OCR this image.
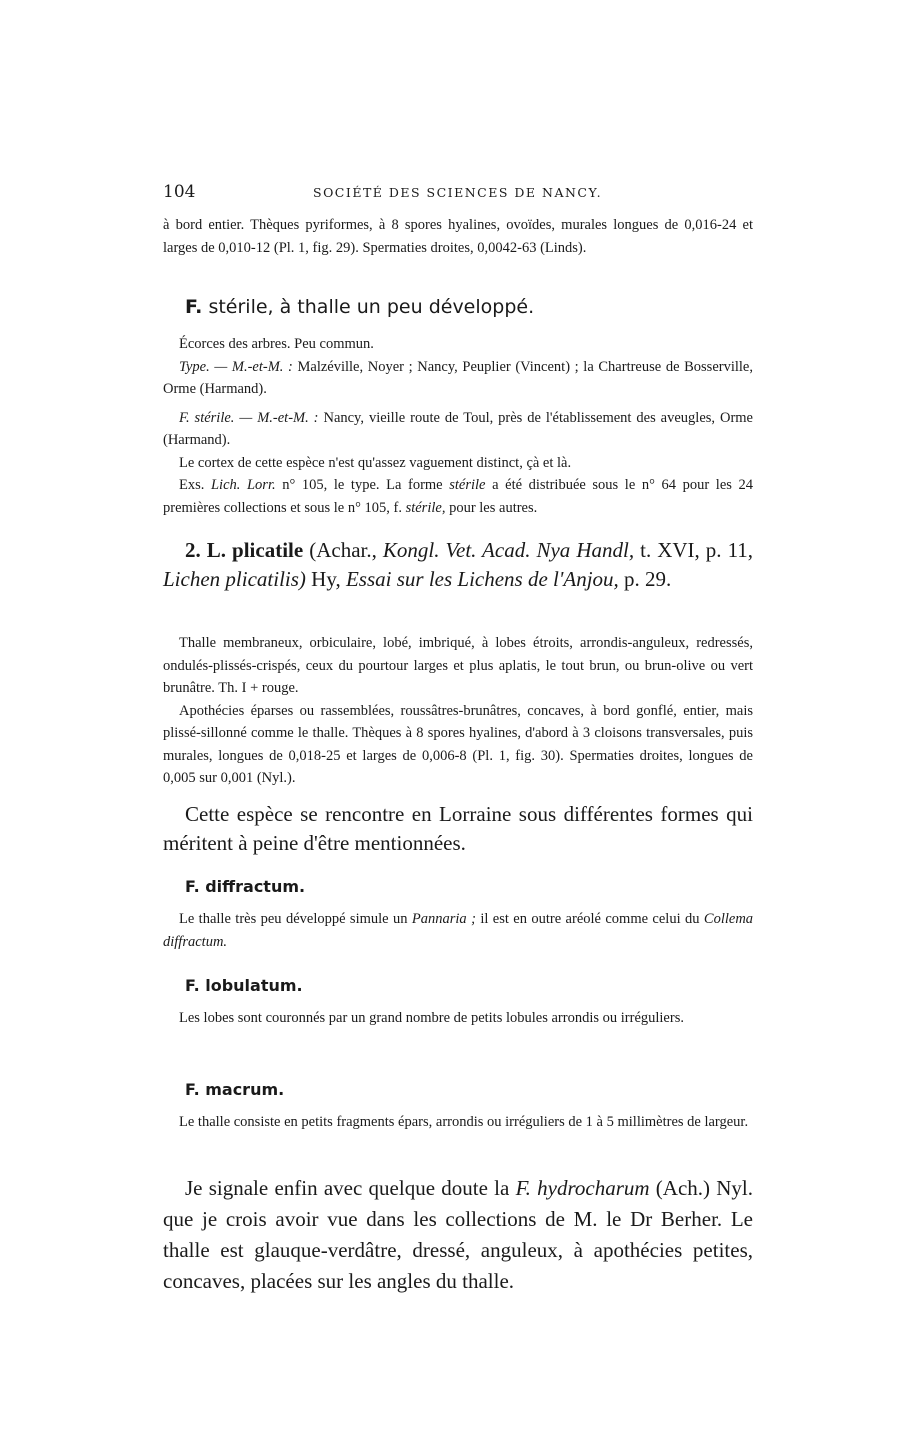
104	SOCIÉTÉ DES SCIENCES DE NANCY.

à bord entier. Thèques pyriformes, à 8 spores hyalines, ovoïdes, murales longues de 0,016-24 et larges de 0,010-12 (Pl. 1, fig. 29). Spermaties droites, 0,0042-63 (Linds).

F. stérile, à thalle un peu développé.

Écorces des arbres. Peu commun.

Type. — M.-et-M. : Malzéville, Noyer ; Nancy, Peuplier (Vincent) ; la Chartreuse de Bosserville, Orme (Harmand).

F. stérile. — M.-et-M. : Nancy, vieille route de Toul, près de l'établissement des aveugles, Orme (Harmand).

Le cortex de cette espèce n'est qu'assez vaguement distinct, çà et là.

Exs. Lich. Lorr. n° 105, le type. La forme stérile a été distribuée sous le n° 64 pour les 24 premières collections et sous le n° 105, f. stérile, pour les autres.

2. L. plicatile (Achar., Kongl. Vet. Acad. Nya Handl, t. XVI, p. 11, Lichen plicatilis) Hy, Essai sur les Lichens de l'Anjou, p. 29.

Thalle membraneux, orbiculaire, lobé, imbriqué, à lobes étroits, arrondis-anguleux, redressés, ondulés-plissés-crispés, ceux du pourtour larges et plus aplatis, le tout brun, ou brun-olive ou vert brunâtre. Th. I + rouge.

Apothécies éparses ou rassemblées, roussâtres-brunâtres, concaves, à bord gonflé, entier, mais plissé-sillonné comme le thalle. Thèques à 8 spores hyalines, d'abord à 3 cloisons transversales, puis murales, longues de 0,018-25 et larges de 0,006-8 (Pl. 1, fig. 30). Spermaties droites, longues de 0,005 sur 0,001 (Nyl.).

Cette espèce se rencontre en Lorraine sous différentes formes qui méritent à peine d'être mentionnées.

F. diffractum.

Le thalle très peu développé simule un Pannaria ; il est en outre aréolé comme celui du Collema diffractum.

F. lobulatum.

Les lobes sont couronnés par un grand nombre de petits lobules arrondis ou irréguliers.

F. macrum.

Le thalle consiste en petits fragments épars, arrondis ou irréguliers de 1 à 5 millimètres de largeur.

Je signale enfin avec quelque doute la F. hydrocharum (Ach.) Nyl. que je crois avoir vue dans les collections de M. le Dr Berher. Le thalle est glauque-verdâtre, dressé, anguleux, à apothécies petites, concaves, placées sur les angles du thalle.
